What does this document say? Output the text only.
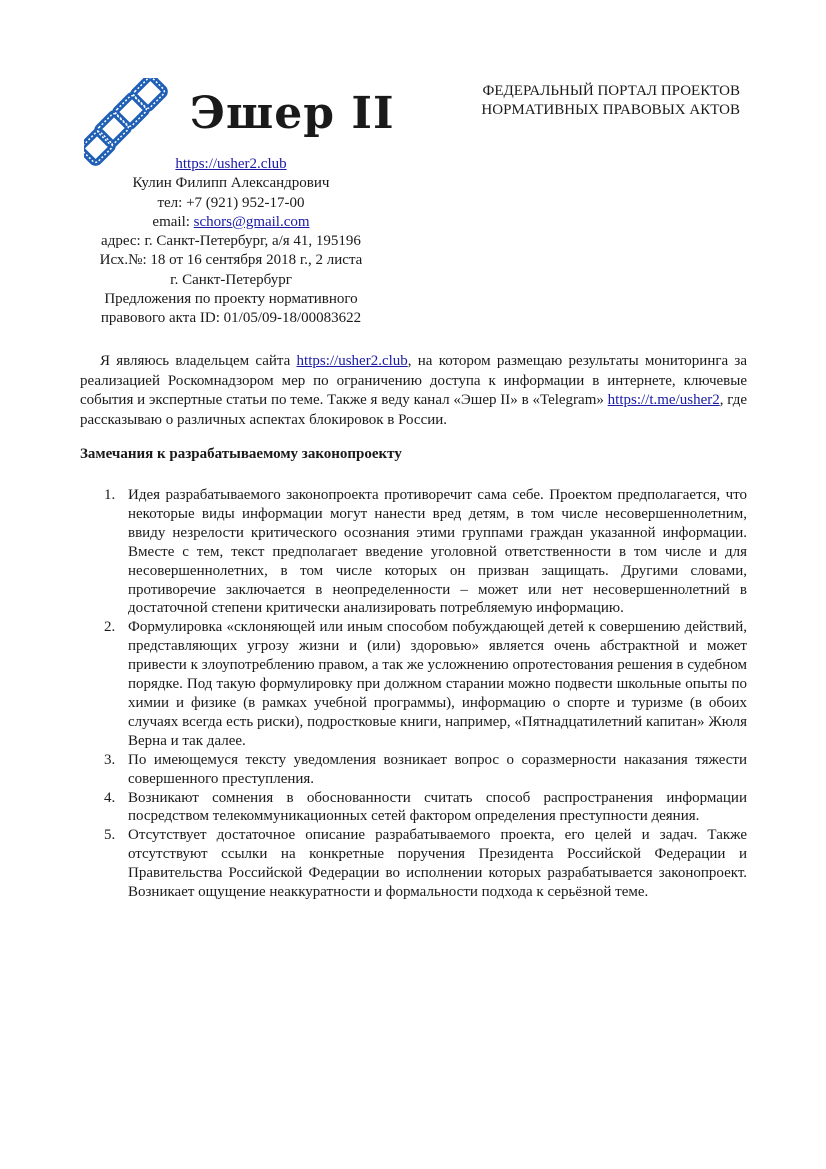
Эшер II	ФЕДЕРАЛЬНЫЙ ПОРТАЛ ПРОЕКТОВ
НОРМАТИВНЫХ ПРАВОВЫХ АКТОВ
https://usher2.club
Кулин Филипп Александрович
тел: +7 (921) 952-17-00
email: schors@gmail.com
адрес: г. Санкт-Петербург, а/я 41, 195196
Исх.№: 18 от 16 сентября 2018 г., 2 листа
г. Санкт-Петербург
Предложения по проекту нормативного
правового акта ID: 01/05/09-18/00083622

Я являюсь владельцем сайта https://usher2.club, на котором размещаю результаты мониторинга за реализацией Роскомнадзором мер по ограничению доступа к информации в интернете, ключевые события и экспертные статьи по теме. Также я веду канал «Эшер II» в «Telegram» https://t.me/usher2, где рассказываю о различных аспектах блокировок в России.

Замечания к разрабатываемому законопроекту

1. Идея разрабатываемого законопроекта противоречит сама себе. Проектом предполагается, что некоторые виды информации могут нанести вред детям, в том числе несовершеннолетним, ввиду незрелости критического осознания этими группами граждан указанной информации. Вместе с тем, текст предполагает введение уголовной ответственности в том числе и для несовершеннолетних, в том числе которых он призван защищать. Другими словами, противоречие заключается в неопределенности – может или нет несовершеннолетний в достаточной степени критически анализировать потребляемую информацию.
2. Формулировка «склоняющей или иным способом побуждающей детей к совершению действий, представляющих угрозу жизни и (или) здоровью» является очень абстрактной и может привести к злоупотреблению правом, а так же усложнению опротестования решения в судебном порядке. Под такую формулировку при должном старании можно подвести школьные опыты по химии и физике (в рамках учебной программы), информацию о спорте и туризме (в обоих случаях всегда есть риски), подростковые книги, например, «Пятнадцатилетний капитан» Жюля Верна и так далее.
3. По имеющемуся тексту уведомления возникает вопрос о соразмерности наказания тяжести совершенного преступления.
4. Возникают сомнения в обоснованности считать способ распространения информации посредством телекоммуникационных сетей фактором определения преступности деяния.
5. Отсутствует достаточное описание разрабатываемого проекта, его целей и задач. Также отсутствуют ссылки на конкретные поручения Президента Российской Федерации и Правительства Российской Федерации во исполнении которых разрабатывается законопроект. Возникает ощущение неаккуратности и формальности подхода к серьёзной теме.
